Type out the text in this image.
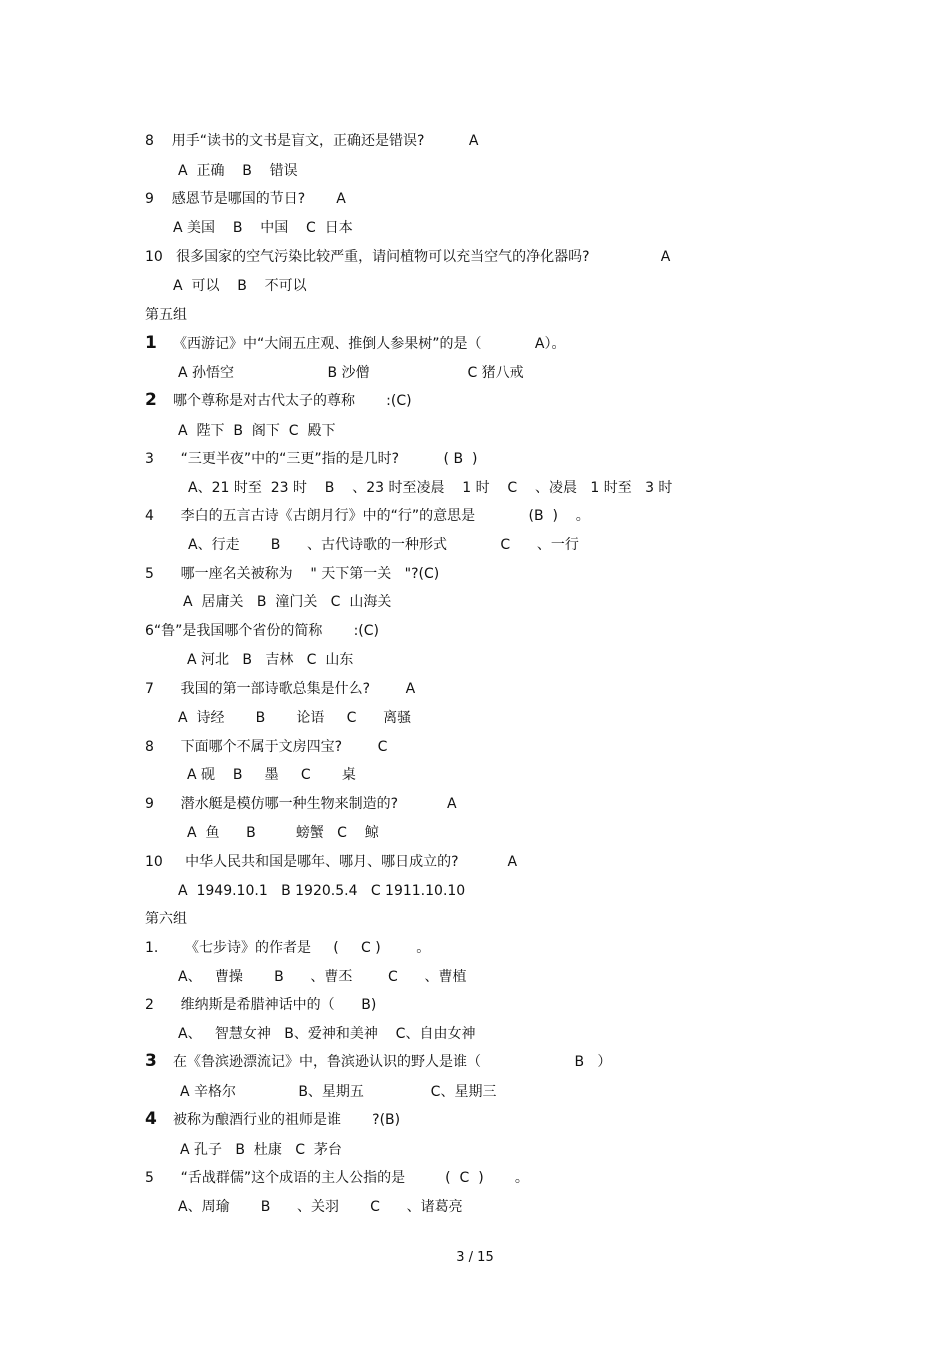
8    用手“读书的文书是盲文，正确还是错误?          A
A  正确    B    错误
9    感恩节是哪国的节日?       A
A 美国    B    中国    C  日本
10   很多国家的空气污染比较严重，请问植物可以充当空气的净化器吗?                A
A  可以    B    不可以
第五组
1 《西游记》中“大闹五庄观、推倒人参果树”的是（            A）。
A 孙悟空                     B 沙僧                      C 猪八戒
2 哪个尊称是对古代太子的尊称       :(C)
A  陛下  B  阁下  C  殿下
3      “三更半夜”中的“三更”指的是几时?          ( B  )
A、21 时至  23 时    B    、23 时至凌晨    1 时    C    、凌晨   1 时至   3 时
4      李白的五言古诗《古朗月行》中的“行”的意思是            (B  )    。
A、行走       B      、古代诗歌的一种形式            C      、一行
5      哪一座名关被称为    " 天下第一关   "?(C)
A  居庸关   B  潼门关   C  山海关
6“鲁”是我国哪个省份的简称       :(C)
A 河北   B   吉林   C  山东
7      我国的第一部诗歌总集是什么?        A
A  诗经       B       论语     C      离骚
8      下面哪个不属于文房四宝?        C
A 砚    B     墨     C       桌
9      潜水艇是模仿哪一种生物来制造的?           A
A  鱼      B         螃蟹   C    鲸
10     中华人民共和国是哪年、哪月、哪日成立的?           A
A  1949.10.1   B 1920.5.4   C 1911.10.10
第六组
1.      《七步诗》的作者是     (     C )        。
A、   曹操       B      、曹丕        C      、曹植
2      维纳斯是希腊神话中的（      B)
A、   智慧女神   B、爱神和美神    C、自由女神
3 在《鲁滨逊漂流记》中，鲁滨逊认识的野人是谁（                     B   ）
A 辛格尔              B、星期五               C、星期三
4 被称为酿酒行业的祖师是谁       ?(B)
A 孔子   B  杜康   C  茅台
5      “舌战群儒”这个成语的主人公指的是         (  C  )       。
A、周瑜       B      、关羽       C      、诸葛亮
3 / 15
